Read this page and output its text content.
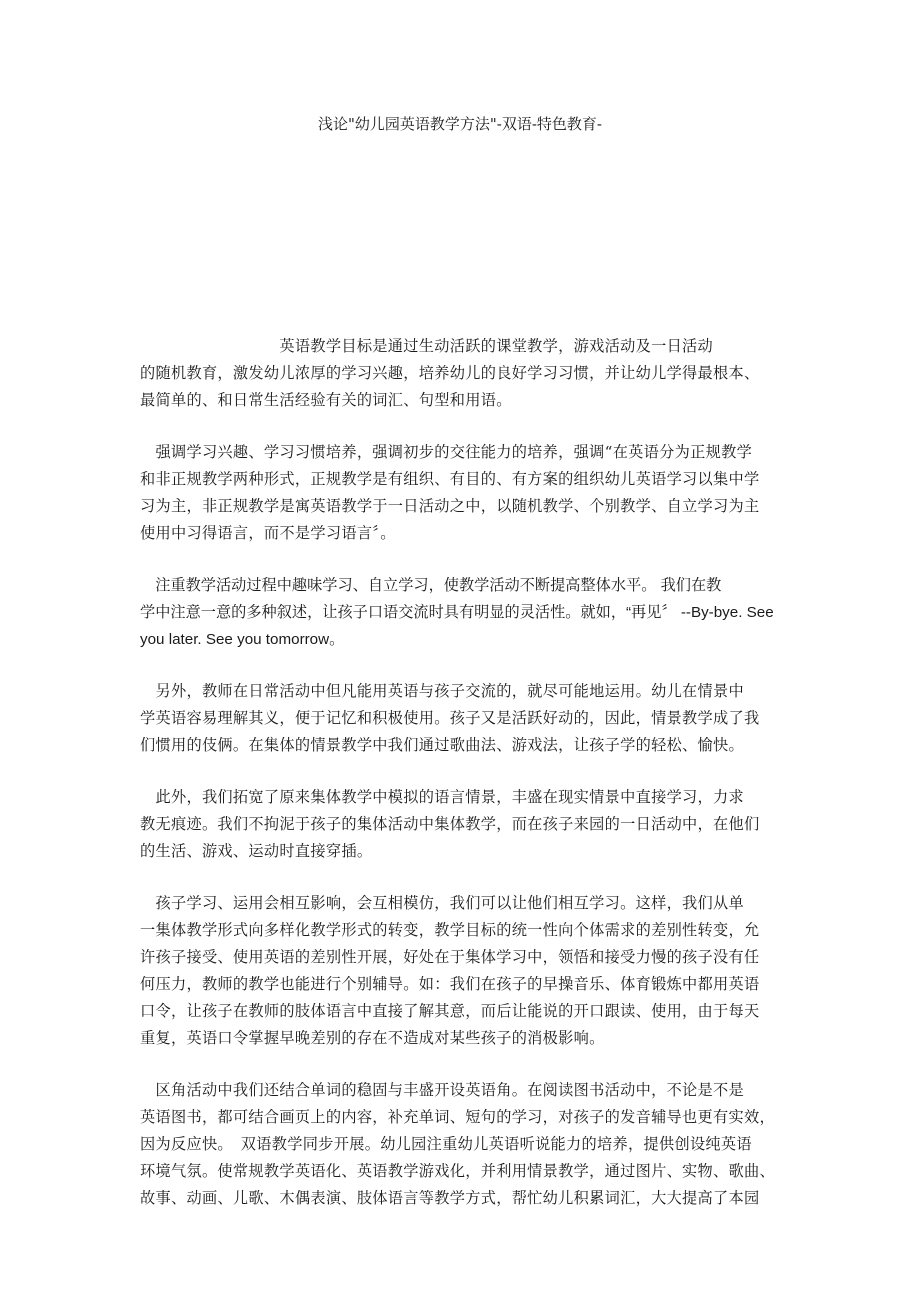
浅论"幼儿园英语教学方法"-双语-特色教育-
　　　　　　　　　英语教学目标是通过生动活跃的课堂教学，游戏活动及一日活动
的随机教育，激发幼儿浓厚的学习兴趣，培养幼儿的良好学习习惯，并让幼儿学得最根本、
最简单的、和日常生活经验有关的词汇、句型和用语。
　强调学习兴趣、学习习惯培养，强调初步的交往能力的培养，强调“在英语分为正规教学
和非正规教学两种形式，正规教学是有组织、有目的、有方案的组织幼儿英语学习以集中学
习为主，非正规教学是寓英语教学于一日活动之中，以随机教学、个别教学、自立学习为主
使用中习得语言，而不是学习语言〞。
　注重教学活动过程中趣味学习、自立学习，使教学活动不断提高整体水平。 我们在教
学中注意一意的多种叙述，让孩子口语交流时具有明显的灵活性。就如，“再见〞 --By-bye. See
you later. See you tomorrow。
　另外，教师在日常活动中但凡能用英语与孩子交流的，就尽可能地运用。幼儿在情景中
学英语容易理解其义，便于记忆和积极使用。孩子又是活跃好动的，因此，情景教学成了我
们惯用的伎俩。在集体的情景教学中我们通过歌曲法、游戏法，让孩子学的轻松、愉快。
　此外，我们拓宽了原来集体教学中模拟的语言情景，丰盛在现实情景中直接学习，力求
教无痕迹。我们不拘泥于孩子的集体活动中集体教学，而在孩子来园的一日活动中，在他们
的生活、游戏、运动时直接穿插。
　孩子学习、运用会相互影响，会互相模仿，我们可以让他们相互学习。这样，我们从单
一集体教学形式向多样化教学形式的转变，教学目标的统一性向个体需求的差别性转变，允
许孩子接受、使用英语的差别性开展，好处在于集体学习中，领悟和接受力慢的孩子没有任
何压力，教师的教学也能进行个别辅导。如：我们在孩子的早操音乐、体育锻炼中都用英语
口令，让孩子在教师的肢体语言中直接了解其意，而后让能说的开口跟读、使用，由于每天
重复，英语口令掌握早晚差别的存在不造成对某些孩子的消极影响。
　区角活动中我们还结合单词的稳固与丰盛开设英语角。在阅读图书活动中，不论是不是
英语图书，都可结合画页上的内容，补充单词、短句的学习，对孩子的发音辅导也更有实效，
因为反应快。　双语教学同步开展。幼儿园注重幼儿英语听说能力的培养，提供创设纯英语
环境气氛。使常规教学英语化、英语教学游戏化，并利用情景教学，通过图片、实物、歌曲、
故事、动画、儿歌、木偶表演、肢体语言等教学方式，帮忙幼儿积累词汇，大大提高了本园
